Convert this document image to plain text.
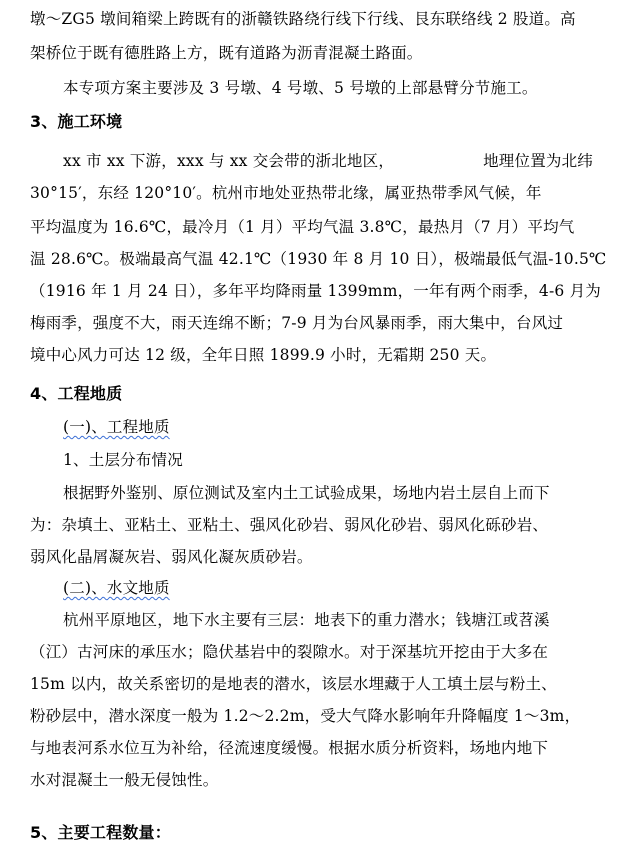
墩～ZG5 墩间箱梁上跨既有的浙赣铁路绕行线下行线、艮东联络线 2 股道。高
架桥位于既有德胜路上方，既有道路为沥青混凝土路面。
本专项方案主要涉及 3 号墩、4 号墩、5 号墩的上部悬臂分节施工。
3、施工环境
xx 市 xx 下游，xxx 与 xx 交会带的浙北地区，	地理位置为北纬
30°15′，东经 120°10′。杭州市地处亚热带北缘，属亚热带季风气候，年
平均温度为 16.6℃，最冷月（1 月）平均气温 3.8℃，最热月（7 月）平均气
温 28.6℃。极端最高气温 42.1℃（1930 年 8 月 10 日），极端最低气温-10.5℃
（1916 年 1 月 24 日），多年平均降雨量 1399mm，一年有两个雨季，4-6 月为
梅雨季，强度不大，雨天连绵不断；7-9 月为台风暴雨季，雨大集中，台风过
境中心风力可达 12 级，全年日照 1899.9 小时，无霜期 250 天。
4、工程地质
(一)、工程地质
1、土层分布情况
根据野外鉴别、原位测试及室内土工试验成果，场地内岩土层自上而下
为：杂填土、亚粘土、亚粘土、强风化砂岩、弱风化砂岩、弱风化砾砂岩、
弱风化晶屑凝灰岩、弱风化凝灰质砂岩。
(二)、水文地质
杭州平原地区，地下水主要有三层：地表下的重力潜水；钱塘江或苕溪
（江）古河床的承压水；隐伏基岩中的裂隙水。对于深基坑开挖由于大多在
15m 以内，故关系密切的是地表的潜水，该层水埋藏于人工填土层与粉土、
粉砂层中，潜水深度一般为 1.2～2.2m，受大气降水影响年升降幅度 1～3m，
与地表河系水位互为补给，径流速度缓慢。根据水质分析资料，场地内地下
水对混凝土一般无侵蚀性。
5、主要工程数量：
